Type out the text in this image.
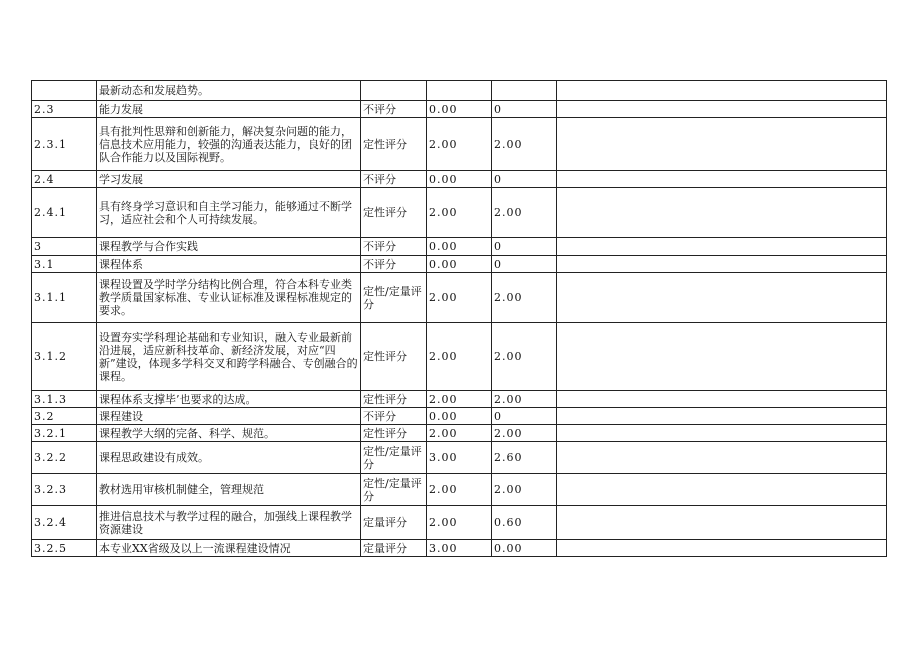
	最新动态和发展趋势。				
2.3	能力发展	不评分	0.00	0	
2.3.1	具有批判性思辩和创新能力，解决复杂问题的能力，信息技术应用能力，较强的沟通表达能力，良好的团队合作能力以及国际视野。	定性评分	2.00	2.00	
2.4	学习发展	不评分	0.00	0	
2.4.1	具有终身学习意识和自主学习能力，能够通过不断学习，适应社会和个人可持续发展。	定性评分	2.00	2.00	
3	课程教学与合作实践	不评分	0.00	0	
3.1	课程体系	不评分	0.00	0	
3.1.1	课程设置及学时学分结构比例合理，符合本科专业类教学质量国家标准、专业认证标准及课程标准规定的要求。	定性/定量评分	2.00	2.00	
3.1.2	设置夯实学科理论基础和专业知识，融入专业最新前沿进展，适应新科技革命、新经济发展，对应“四新”建设，体现多学科交叉和跨学科融合、专创融合的课程。	定性评分	2.00	2.00	
3.1.3	课程体系支撑毕’也要求的达成。	定性评分	2.00	2.00	
3.2	课程建设	不评分	0.00	0	
3.2.1	课程教学大纲的完备、科学、规范。	定性评分	2.00	2.00	
3.2.2	课程思政建设有成效。	定性/定量评分	3.00	2.60	
3.2.3	教材选用审核机制健全，管理规范	定性/定量评分	2.00	2.00	
3.2.4	推进信息技术与教学过程的融合，加强线上课程教学资源建设	定量评分	2.00	0.60	
3.2.5	本专业XX省级及以上一流课程建设情况	定量评分	3.00	0.00	
